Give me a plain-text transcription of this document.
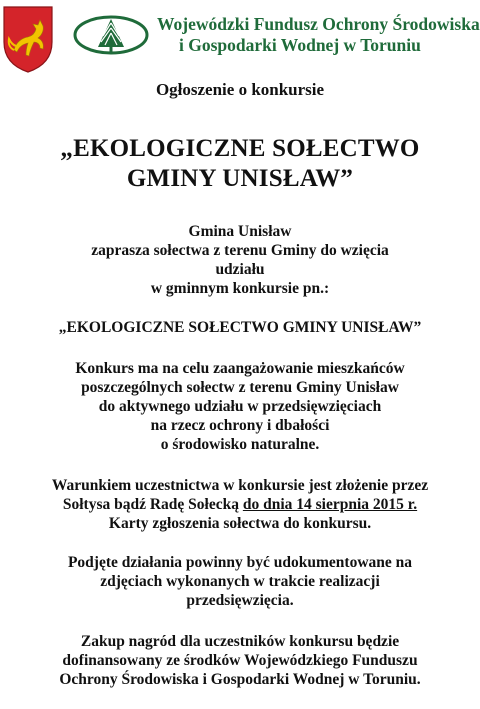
Wojewódzki Fundusz Ochrony Środowiska
i Gospodarki Wodnej w Toruniu
Ogłoszenie o konkursie
„EKOLOGICZNE SOŁECTWO
GMINY UNISŁAW”
Gmina Unisław
zaprasza sołectwa z terenu Gminy do wzięcia
udziału
w gminnym konkursie pn.:
„EKOLOGICZNE SOŁECTWO GMINY UNISŁAW”
Konkurs ma na celu zaangażowanie mieszkańców
poszczególnych sołectw z terenu Gminy Unisław
do aktywnego udziału w przedsięwzięciach
na rzecz ochrony i dbałości
o środowisko naturalne.
Warunkiem uczestnictwa w konkursie jest złożenie przez
Sołtysa bądź Radę Sołecką do dnia 14 sierpnia 2015 r.
Karty zgłoszenia sołectwa do konkursu.
Podjęte działania powinny być udokumentowane na
zdjęciach wykonanych w trakcie realizacji
przedsięwzięcia.
Zakup nagród dla uczestników konkursu będzie
dofinansowany ze środków Wojewódzkiego Funduszu
Ochrony Środowiska i Gospodarki Wodnej w Toruniu.
